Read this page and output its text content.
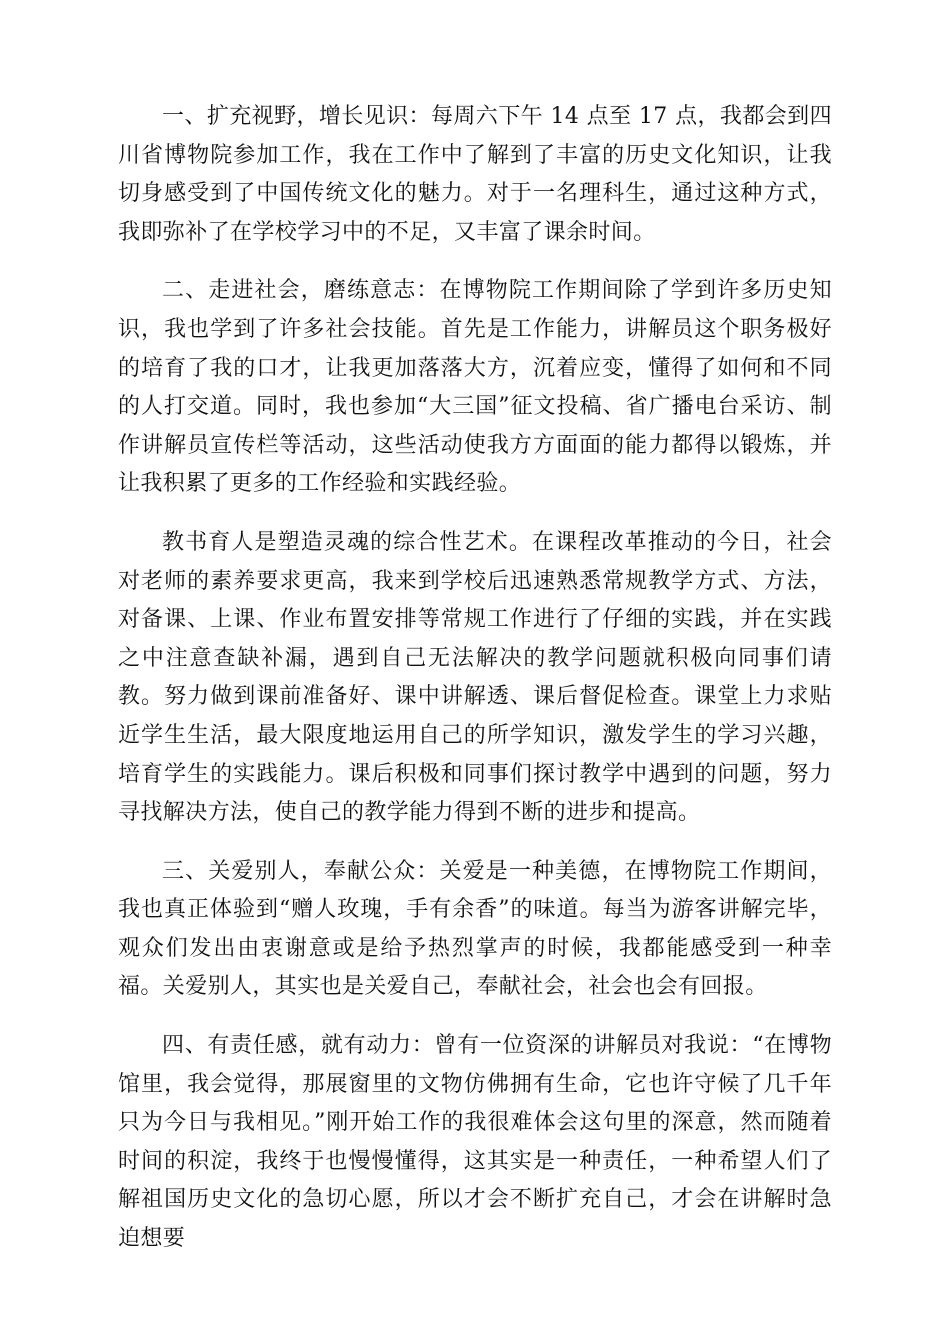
一、扩充视野，增长见识：每周六下午 14 点至 17 点，我都会到四川省博物院参加工作，我在工作中了解到了丰富的历史文化知识，让我切身感受到了中国传统文化的魅力。对于一名理科生，通过这种方式，我即弥补了在学校学习中的不足，又丰富了课余时间。

二、走进社会，磨练意志：在博物院工作期间除了学到许多历史知识，我也学到了许多社会技能。首先是工作能力，讲解员这个职务极好的培育了我的口才，让我更加落落大方，沉着应变，懂得了如何和不同的人打交道。同时，我也参加“大三国”征文投稿、省广播电台采访、制作讲解员宣传栏等活动，这些活动使我方方面面的能力都得以锻炼，并让我积累了更多的工作经验和实践经验。

教书育人是塑造灵魂的综合性艺术。在课程改革推动的今日，社会对老师的素养要求更高，我来到学校后迅速熟悉常规教学方式、方法，对备课、上课、作业布置安排等常规工作进行了仔细的实践，并在实践之中注意查缺补漏，遇到自己无法解决的教学问题就积极向同事们请教。努力做到课前准备好、课中讲解透、课后督促检查。课堂上力求贴近学生生活，最大限度地运用自己的所学知识，激发学生的学习兴趣，培育学生的实践能力。课后积极和同事们探讨教学中遇到的问题，努力寻找解决方法，使自己的教学能力得到不断的进步和提高。

三、关爱别人，奉献公众：关爱是一种美德，在博物院工作期间，我也真正体验到“赠人玫瑰，手有余香”的味道。每当为游客讲解完毕，观众们发出由衷谢意或是给予热烈掌声的时候，我都能感受到一种幸福。关爱别人，其实也是关爱自己，奉献社会，社会也会有回报。

四、有责任感，就有动力：曾有一位资深的讲解员对我说：“在博物馆里，我会觉得，那展窗里的文物仿佛拥有生命，它也许守候了几千年只为今日与我相见。”刚开始工作的我很难体会这句里的深意，然而随着时间的积淀，我终于也慢慢懂得，这其实是一种责任，一种希望人们了解祖国历史文化的急切心愿，所以才会不断扩充自己，才会在讲解时急迫想要
